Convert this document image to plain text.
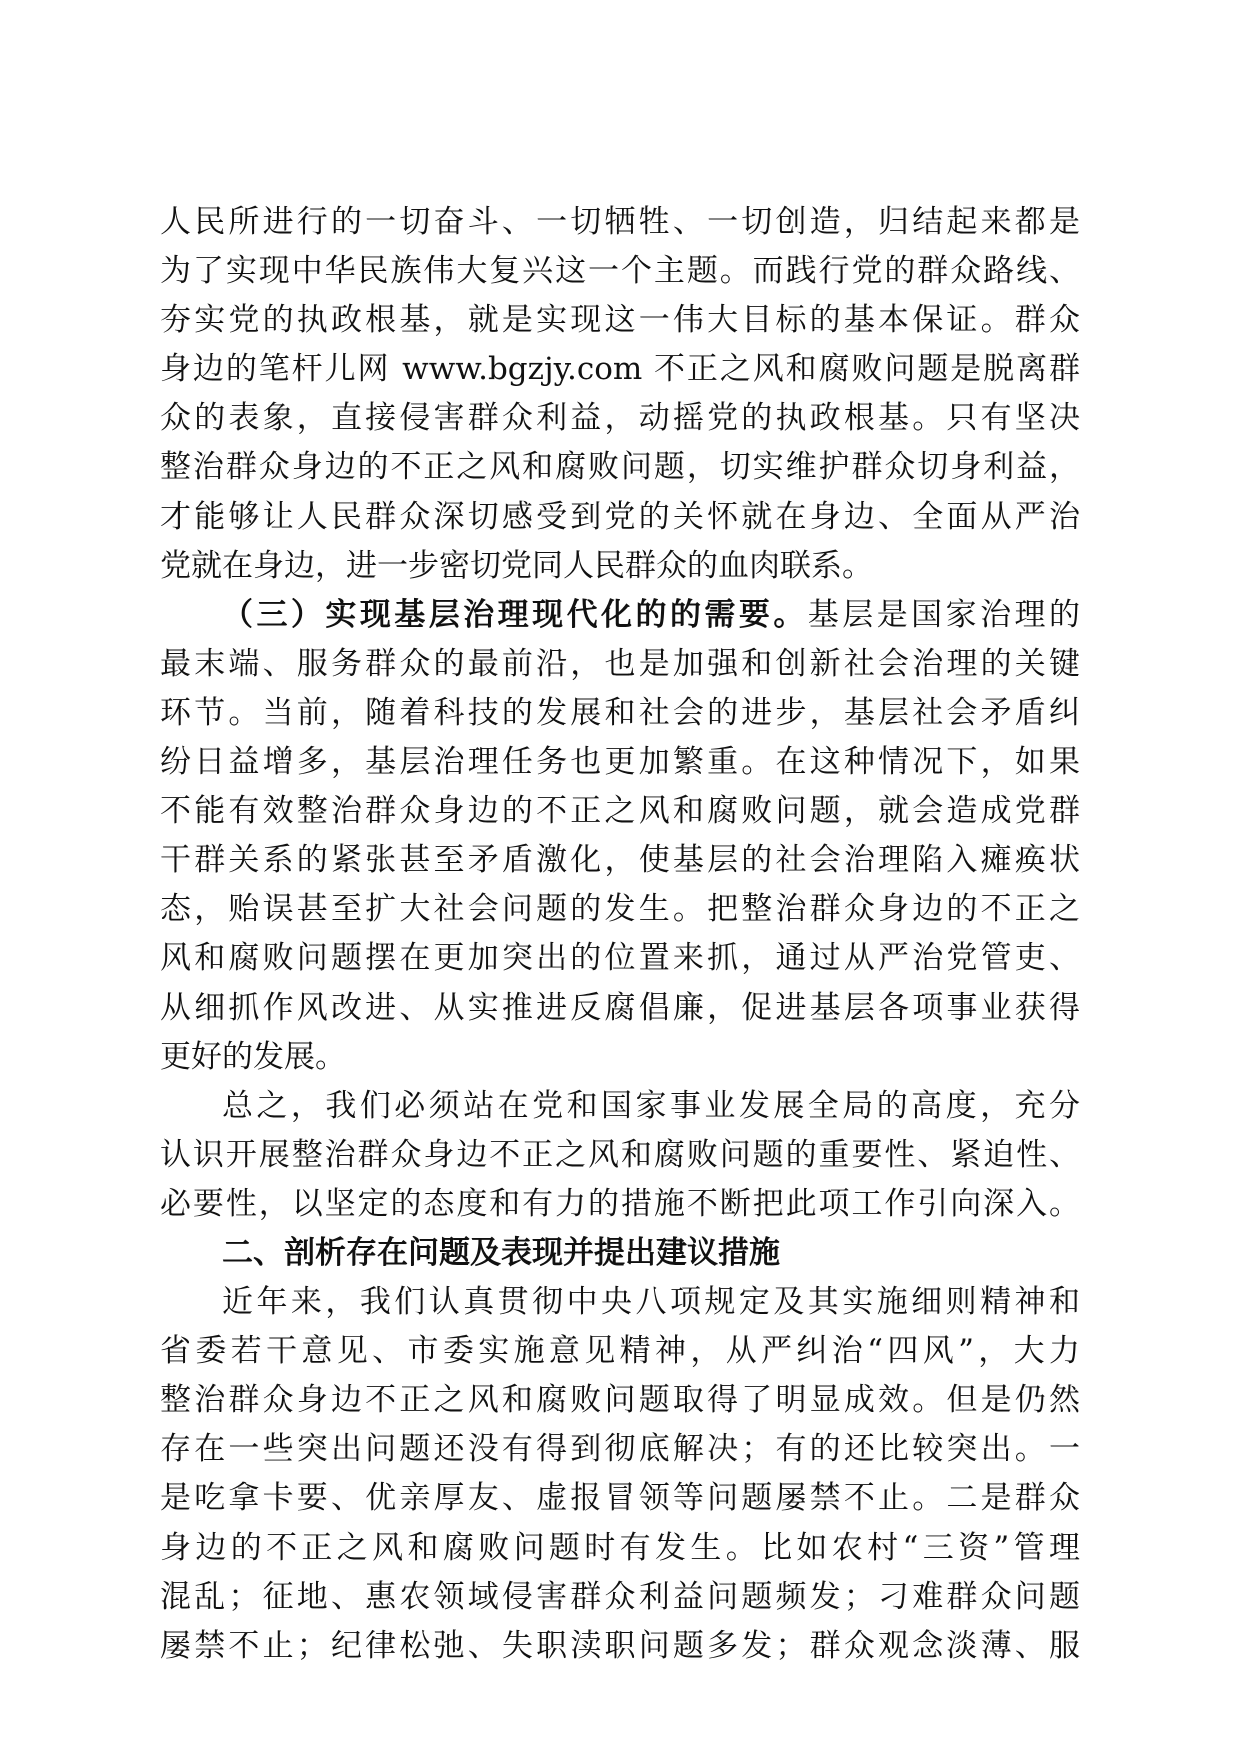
人民所进行的一切奋斗、一切牺牲、一切创造，归结起来都是
为了实现中华民族伟大复兴这一个主题。而践行党的群众路线、
夯实党的执政根基，就是实现这一伟大目标的基本保证。群众
身边的笔杆儿网 www.bgzjy.com 不正之风和腐败问题是脱离群
众的表象，直接侵害群众利益，动摇党的执政根基。只有坚决
整治群众身边的不正之风和腐败问题，切实维护群众切身利益，
才能够让人民群众深切感受到党的关怀就在身边、全面从严治
党就在身边，进一步密切党同人民群众的血肉联系。
（三）实现基层治理现代化的的需要。基层是国家治理的
最末端、服务群众的最前沿，也是加强和创新社会治理的关键
环节。当前，随着科技的发展和社会的进步，基层社会矛盾纠
纷日益增多，基层治理任务也更加繁重。在这种情况下，如果
不能有效整治群众身边的不正之风和腐败问题，就会造成党群
干群关系的紧张甚至矛盾激化，使基层的社会治理陷入瘫痪状
态，贻误甚至扩大社会问题的发生。把整治群众身边的不正之
风和腐败问题摆在更加突出的位置来抓，通过从严治党管吏、
从细抓作风改进、从实推进反腐倡廉，促进基层各项事业获得
更好的发展。
总之，我们必须站在党和国家事业发展全局的高度，充分
认识开展整治群众身边不正之风和腐败问题的重要性、紧迫性、
必要性，以坚定的态度和有力的措施不断把此项工作引向深入。
二、剖析存在问题及表现并提出建议措施
近年来，我们认真贯彻中央八项规定及其实施细则精神和
省委若干意见、市委实施意见精神，从严纠治“四风”，大力
整治群众身边不正之风和腐败问题取得了明显成效。但是仍然
存在一些突出问题还没有得到彻底解决；有的还比较突出。一
是吃拿卡要、优亲厚友、虚报冒领等问题屡禁不止。二是群众
身边的不正之风和腐败问题时有发生。比如农村“三资”管理
混乱；征地、惠农领域侵害群众利益问题频发；刁难群众问题
屡禁不止；纪律松弛、失职渎职问题多发；群众观念淡薄、服
